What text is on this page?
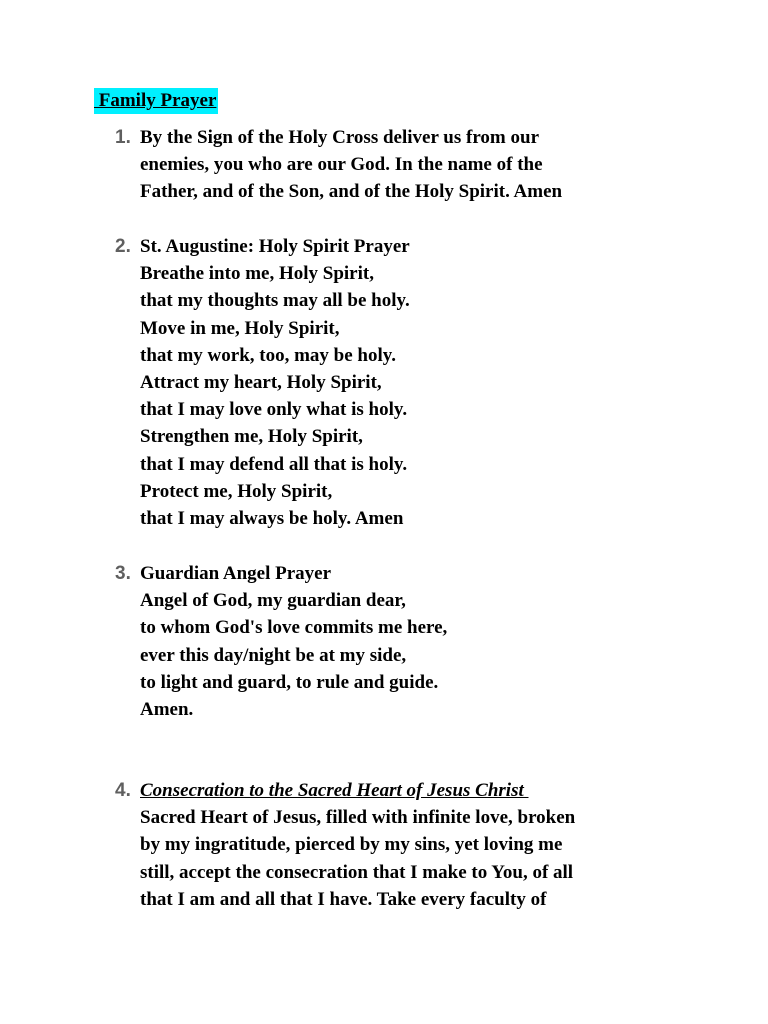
Family Prayer
1. By the Sign of the Holy Cross deliver us from our
enemies, you who are our God. In the name of the
Father, and of the Son, and of the Holy Spirit. Amen
2. St. Augustine: Holy Spirit Prayer
Breathe into me, Holy Spirit,
that my thoughts may all be holy.
Move in me, Holy Spirit,
that my work, too, may be holy.
Attract my heart, Holy Spirit,
that I may love only what is holy.
Strengthen me, Holy Spirit,
that I may defend all that is holy.
Protect me, Holy Spirit,
that I may always be holy. Amen
3. Guardian Angel Prayer
Angel of God, my guardian dear,
to whom God's love commits me here,
ever this day/night be at my side,
to light and guard, to rule and guide.
Amen.
4. Consecration to the Sacred Heart of Jesus Christ
Sacred Heart of Jesus, filled with infinite love, broken
by my ingratitude, pierced by my sins, yet loving me
still, accept the consecration that I make to You, of all
that I am and all that I have. Take every faculty of
